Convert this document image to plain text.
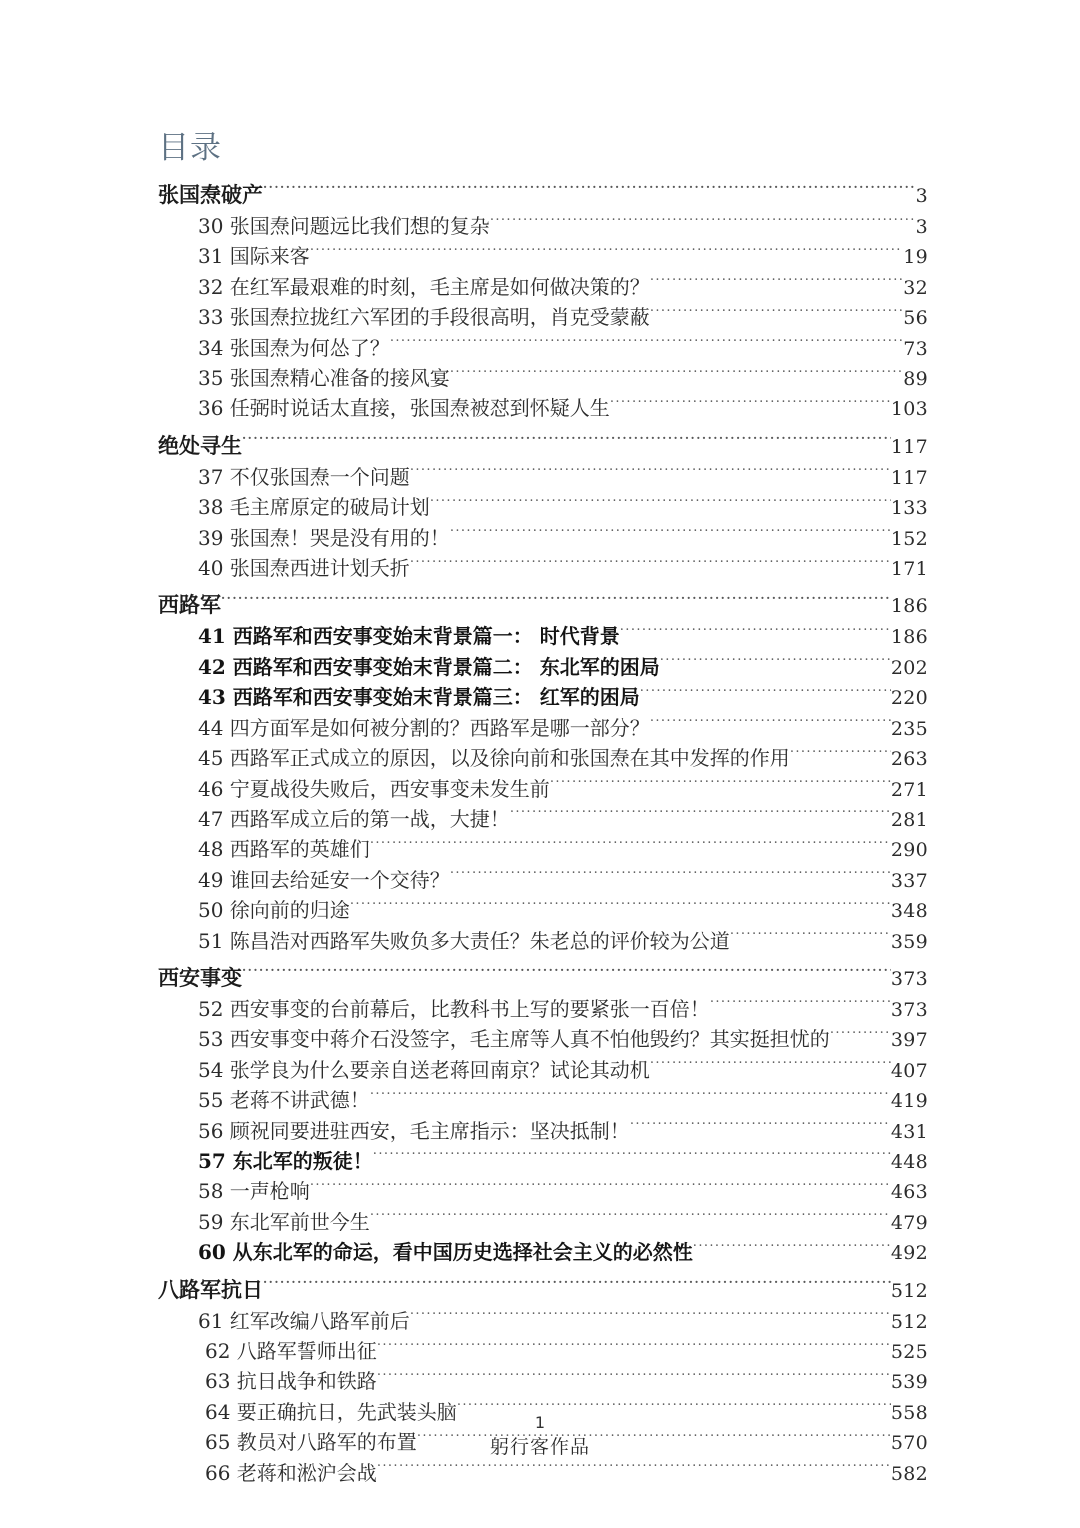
目录
张国焘破产 .....	3
30 张国焘问题远比我们想的复杂 .....	3
31 国际来客 .....	19
32 在红军最艰难的时刻，毛主席是如何做决策的？ .....	32
33 张国焘拉拢红六军团的手段很高明，肖克受蒙蔽 .....	56
34 张国焘为何怂了？ .....	73
35 张国焘精心准备的接风宴 .....	89
36 任弼时说话太直接，张国焘被怼到怀疑人生 .....	103
绝处寻生 .....	117
37 不仅张国焘一个问题 .....	117
38 毛主席原定的破局计划 .....	133
39 张国焘！哭是没有用的！ .....	152
40 张国焘西进计划夭折 .....	171
西路军 .....	186
41 西路军和西安事变始末背景篇一： 时代背景 .....	186
42 西路军和西安事变始末背景篇二： 东北军的困局 .....	202
43 西路军和西安事变始末背景篇三： 红军的困局 .....	220
44 四方面军是如何被分割的？西路军是哪一部分？ .....	235
45 西路军正式成立的原因，以及徐向前和张国焘在其中发挥的作用 .....	263
46 宁夏战役失败后，西安事变未发生前 .....	271
47 西路军成立后的第一战，大捷！ .....	281
48 西路军的英雄们 .....	290
49 谁回去给延安一个交待？ .....	337
50 徐向前的归途 .....	348
51 陈昌浩对西路军失败负多大责任？朱老总的评价较为公道 .....	359
西安事变 .....	373
52 西安事变的台前幕后，比教科书上写的要紧张一百倍！ .....	373
53 西安事变中蒋介石没签字，毛主席等人真不怕他毁约？其实挺担忧的 .....	397
54 张学良为什么要亲自送老蒋回南京？试论其动机 .....	407
55 老蒋不讲武德！ .....	419
56 顾祝同要进驻西安，毛主席指示：坚决抵制！ .....	431
57 东北军的叛徒！ .....	448
58 一声枪响 .....	463
59 东北军前世今生 .....	479
60 从东北军的命运，看中国历史选择社会主义的必然性 .....	492
八路军抗日 .....	512
61 红军改编八路军前后 .....	512
62 八路军誓师出征 .....	525
63 抗日战争和铁路 .....	539
64 要正确抗日，先武装头脑 .....	558
65 教员对八路军的布置 .....	570
66 老蒋和淞沪会战 .....	582
1
躬行客作品
